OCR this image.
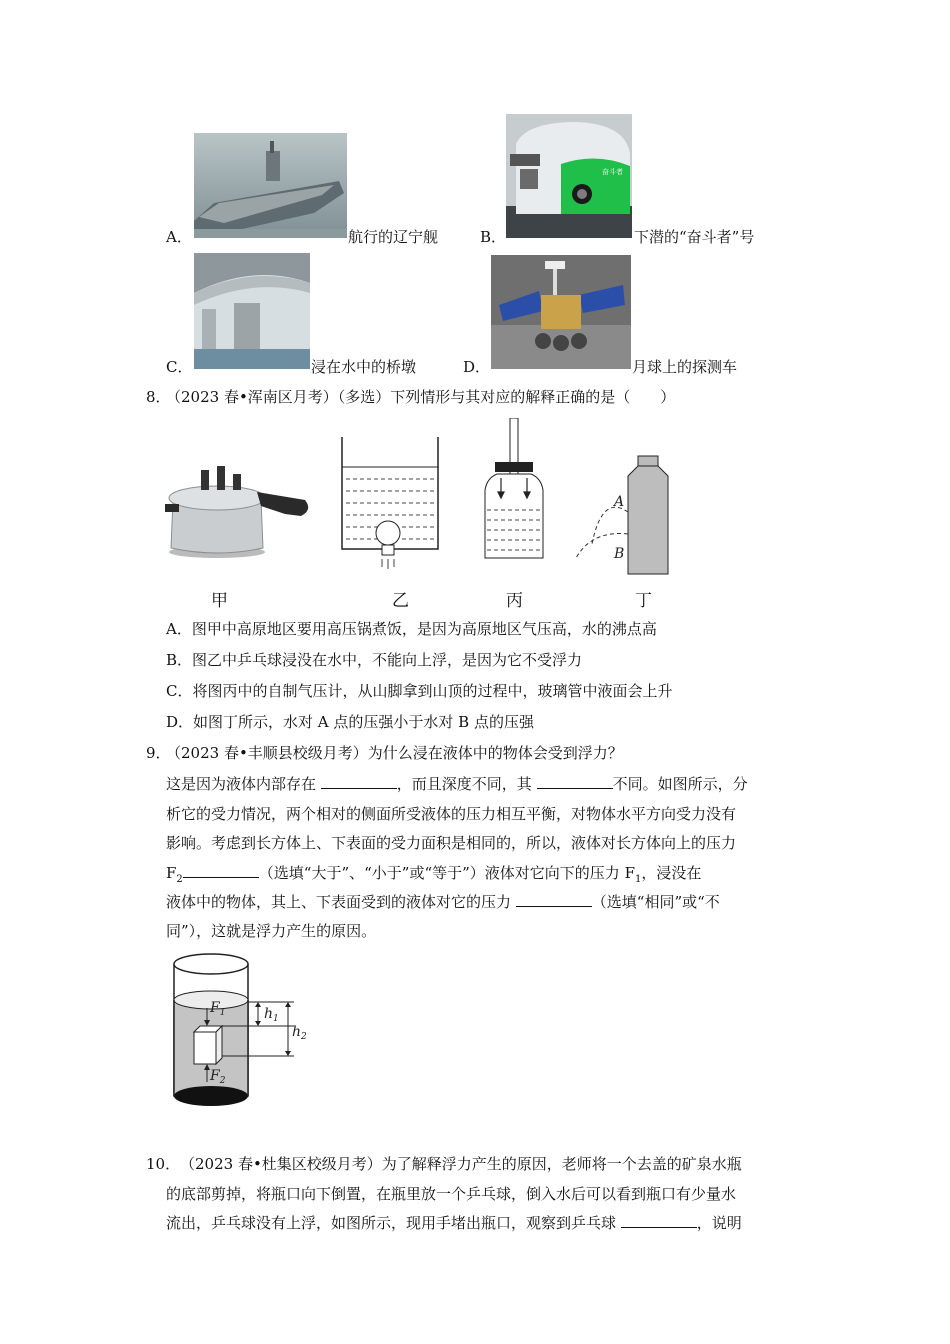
A．	航行的辽宁舰
奋斗者
B．	下潜的“奋斗者”号
C．	浸在水中的桥墩	D．	月球上的探测车
8．
（2023 春•浑南区月考）（多选）下列情形与其对应的解释正确的是（　　）
A
B
甲	乙	丙	丁
A．图甲中高原地区要用高压锅煮饭，是因为高原地区气压高，水的沸点高
B．图乙中乒乓球浸没在水中，不能向上浮，是因为它不受浮力
C．将图丙中的自制气压计，从山脚拿到山顶的过程中，玻璃管中液面会上升
D．如图丁所示，水对 A 点的压强小于水对 B 点的压强
9．
（2023 春•丰顺县校级月考）为什么浸在液体中的物体会受到浮力？
这是因为液体内部存在	，而且深度不同，其	不同。如图所示，分
析它的受力情况，两个相对的侧面所受液体的压力相互平衡，对物体水平方向受力没有
影响。考虑到长方体上、下表面的受力面积是相同的，所以，液体对长方体向上的压力
$F_2$	（选填“大于”、“小于”或“等于”）液体对它向下的压力 $F_1$，浸没在
液体中的物体，其上、下表面受到的液体对它的压力	（选填“相同”或“不
同”），这就是浮力产生的原因。
$F_1$
$F_2$
$h_1$
$h_2$
10． （2023 春•杜集区校级月考）为了解释浮力产生的原因，老师将一个去盖的矿泉水瓶
的底部剪掉，将瓶口向下倒置，在瓶里放一个乒乓球，倒入水后可以看到瓶口有少量水
流出，乒乓球没有上浮，如图所示，现用手堵出瓶口，观察到乒乓球	，说明
